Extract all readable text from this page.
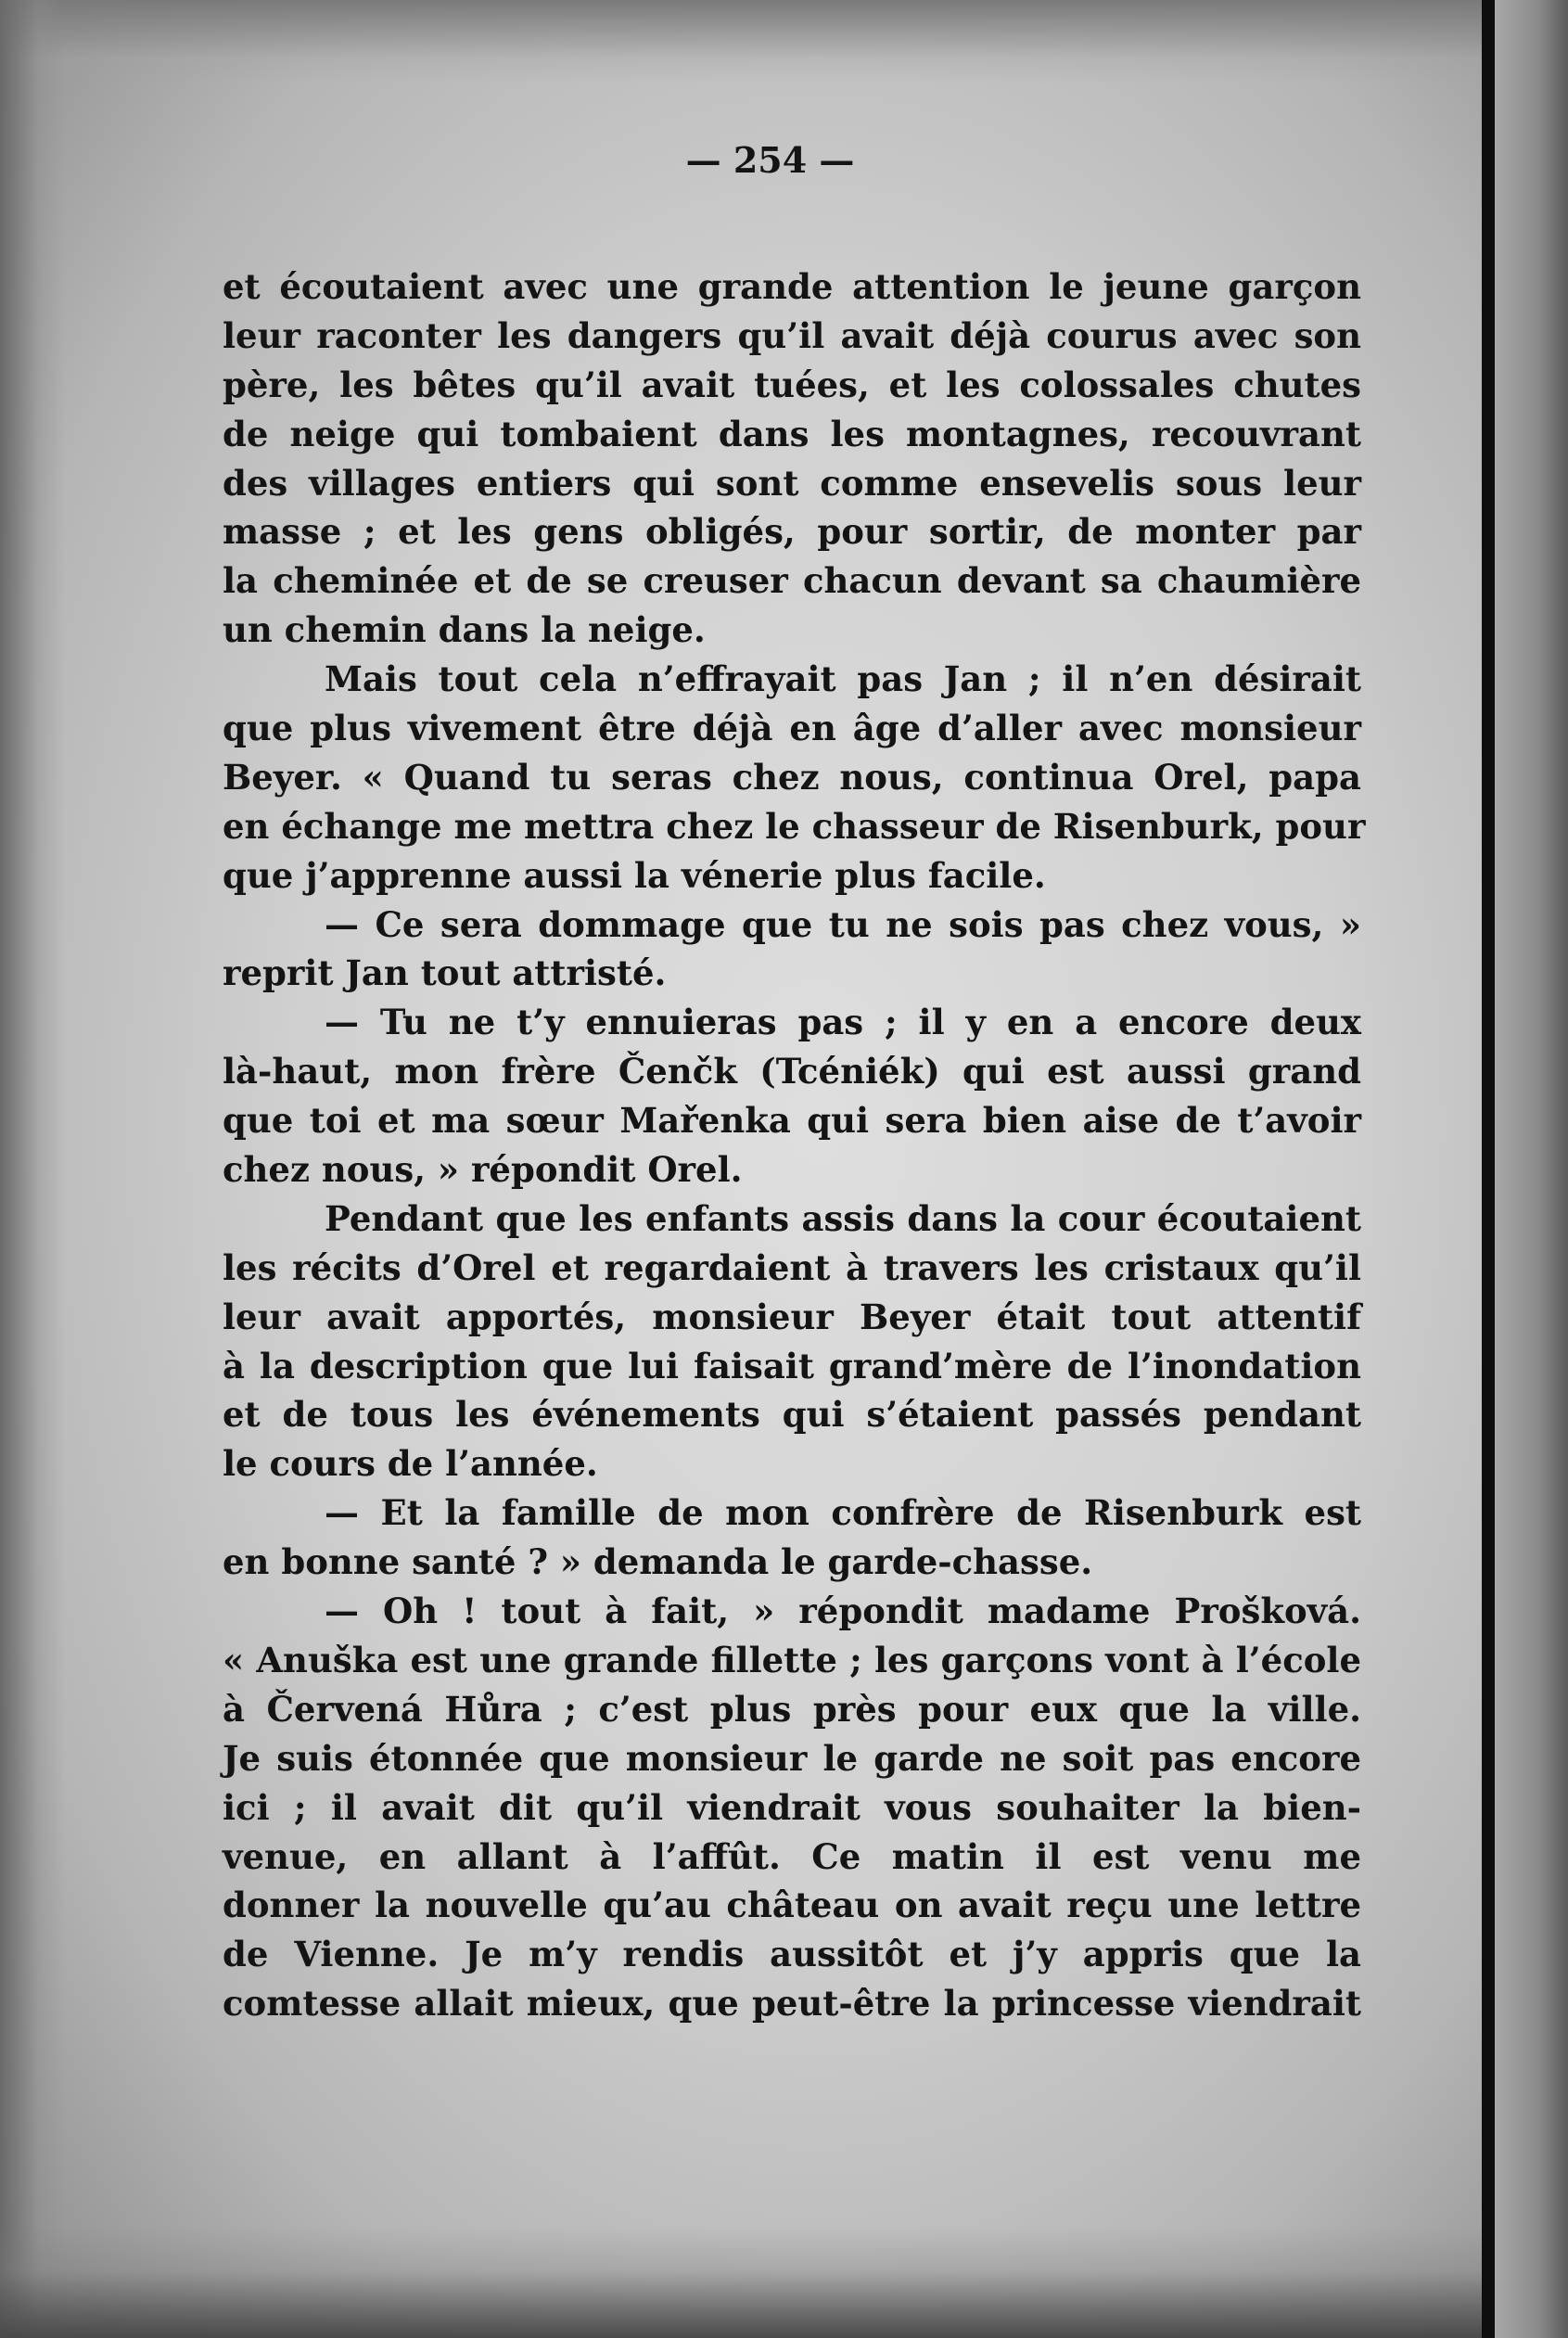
— 254 —
et écoutaient avec une grande attention le jeune garçon
leur raconter les dangers qu’il avait déjà courus avec son
père, les bêtes qu’il avait tuées, et les colossales chutes
de neige qui tombaient dans les montagnes, recouvrant
des villages entiers qui sont comme ensevelis sous leur
masse ; et les gens obligés, pour sortir, de monter par
la cheminée et de se creuser chacun devant sa chaumière
un chemin dans la neige.
Mais tout cela n’effrayait pas Jan ; il n’en désirait
que plus vivement être déjà en âge d’aller avec monsieur
Beyer. « Quand tu seras chez nous, continua Orel, papa
en échange me mettra chez le chasseur de Risenburk, pour
que j’apprenne aussi la vénerie plus facile.
— Ce sera dommage que tu ne sois pas chez vous, »
reprit Jan tout attristé.
— Tu ne t’y ennuieras pas ; il y en a encore deux
là-haut, mon frère Čenčk (Tcéniék) qui est aussi grand
que toi et ma sœur Mařenka qui sera bien aise de t’avoir
chez nous, » répondit Orel.
Pendant que les enfants assis dans la cour écoutaient
les récits d’Orel et regardaient à travers les cristaux qu’il
leur avait apportés, monsieur Beyer était tout attentif
à la description que lui faisait grand’mère de l’inondation
et de tous les événements qui s’étaient passés pendant
le cours de l’année.
— Et la famille de mon confrère de Risenburk est
en bonne santé ? » demanda le garde-chasse.
— Oh ! tout à fait, » répondit madame Prošková.
« Anuška est une grande fillette ; les garçons vont à l’école
à Červená Hůra ; c’est plus près pour eux que la ville.
Je suis étonnée que monsieur le garde ne soit pas encore
ici ; il avait dit qu’il viendrait vous souhaiter la bien-
venue, en allant à l’affût. Ce matin il est venu me
donner la nouvelle qu’au château on avait reçu une lettre
de Vienne. Je m’y rendis aussitôt et j’y appris que la
comtesse allait mieux, que peut-être la princesse viendrait
